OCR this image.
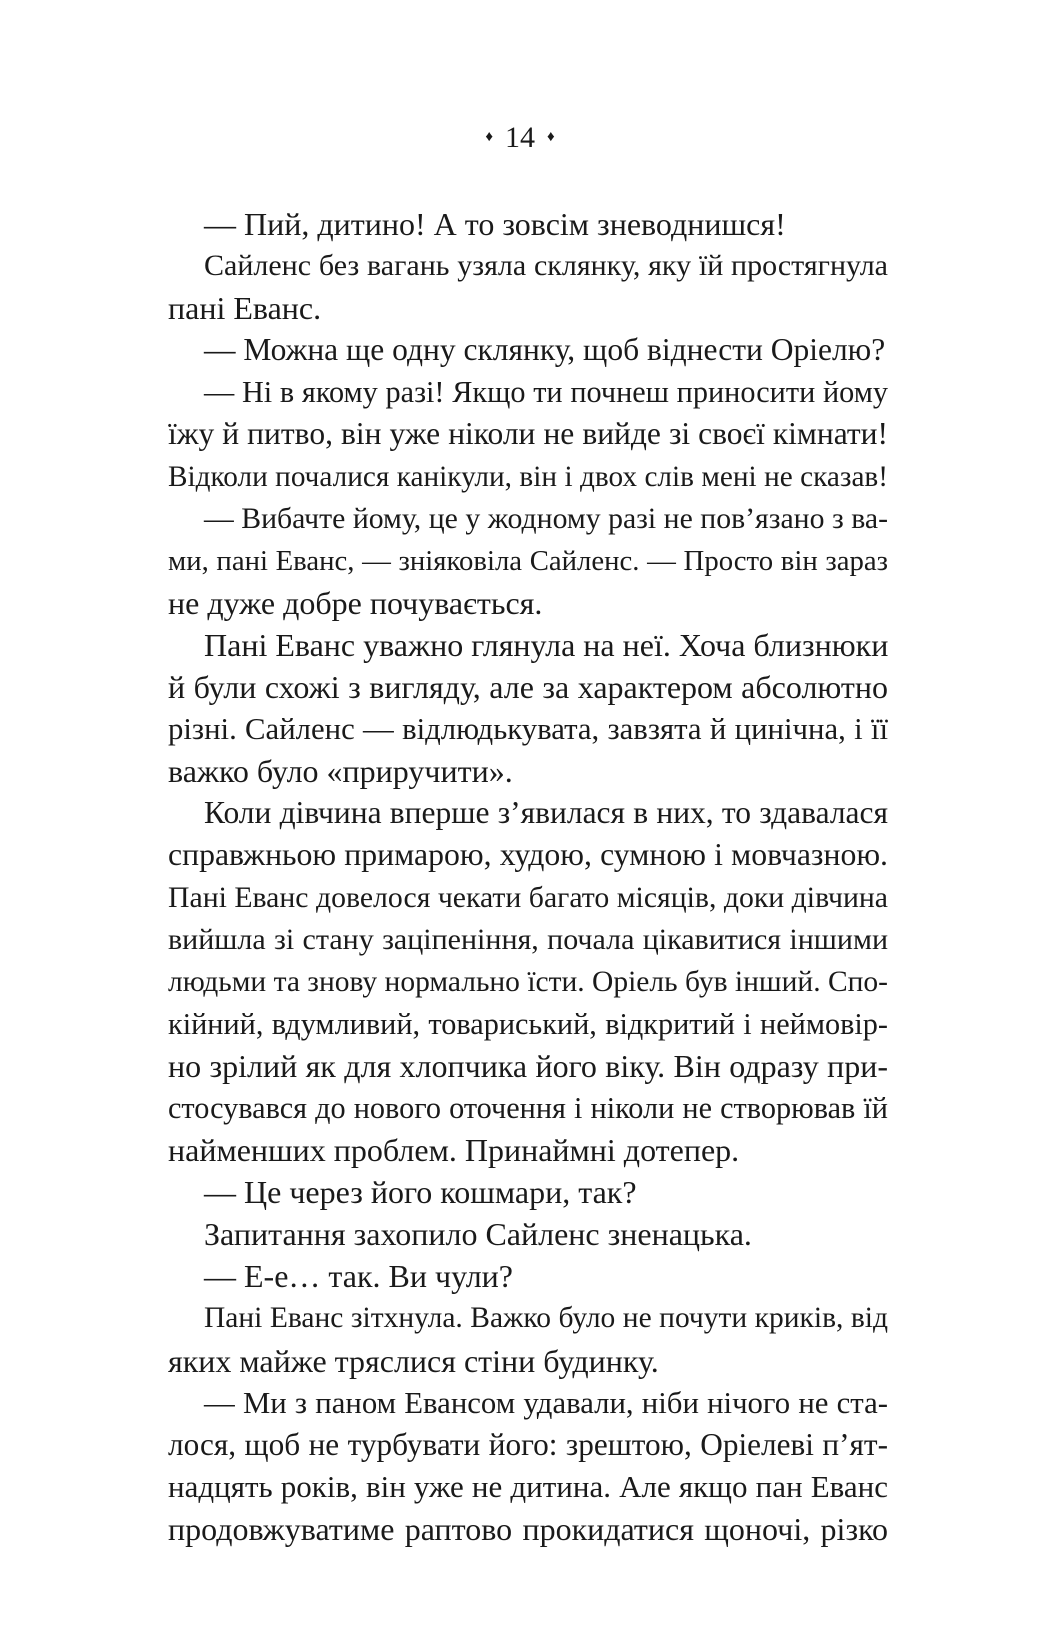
♦ 14 ♦
— Пий, дитино! А то зовсім зневоднишся!
Сайленс без вагань узяла склянку, яку їй простягнула
пані Еванс.
— Можна ще одну склянку, щоб віднести Оріелю?
— Ні в якому разі! Якщо ти почнеш приносити йому
їжу й питво, він уже ніколи не вийде зі своєї кімнати!
Відколи почалися канікули, він і двох слів мені не сказав!
— Вибачте йому, це у жодному разі не пов’язано з ва-
ми, пані Еванс, — зніяковіла Сайленс. — Просто він зараз
не дуже добре почувається.
Пані Еванс уважно глянула на неї. Хоча близнюки
й були схожі з вигляду, але за характером абсолютно
різні. Сайленс — відлюдькувата, завзята й цинічна, і її
важко було «приручити».
Коли дівчина вперше з’явилася в них, то здавалася
справжньою примарою, худою, сумною і мовчазною.
Пані Еванс довелося чекати багато місяців, доки дівчина
вийшла зі стану заціпеніння, почала цікавитися іншими
людьми та знову нормально їсти. Оріель був інший. Спо-
кійний, вдумливий, товариський, відкритий і неймовір-
но зрілий як для хлопчика його віку. Він одразу при-
стосувався до нового оточення і ніколи не створював їй
найменших проблем. Принаймні дотепер.
— Це через його кошмари, так?
Запитання захопило Сайленс зненацька.
— Е-е… так. Ви чули?
Пані Еванс зітхнула. Важко було не почути криків, від
яких майже тряслися стіни будинку.
— Ми з паном Евансом удавали, ніби нічого не ста-
лося, щоб не турбувати його: зрештою, Оріелеві п’ят-
надцять років, він уже не дитина. Але якщо пан Еванс
продовжуватиме раптово прокидатися щоночі, різко
